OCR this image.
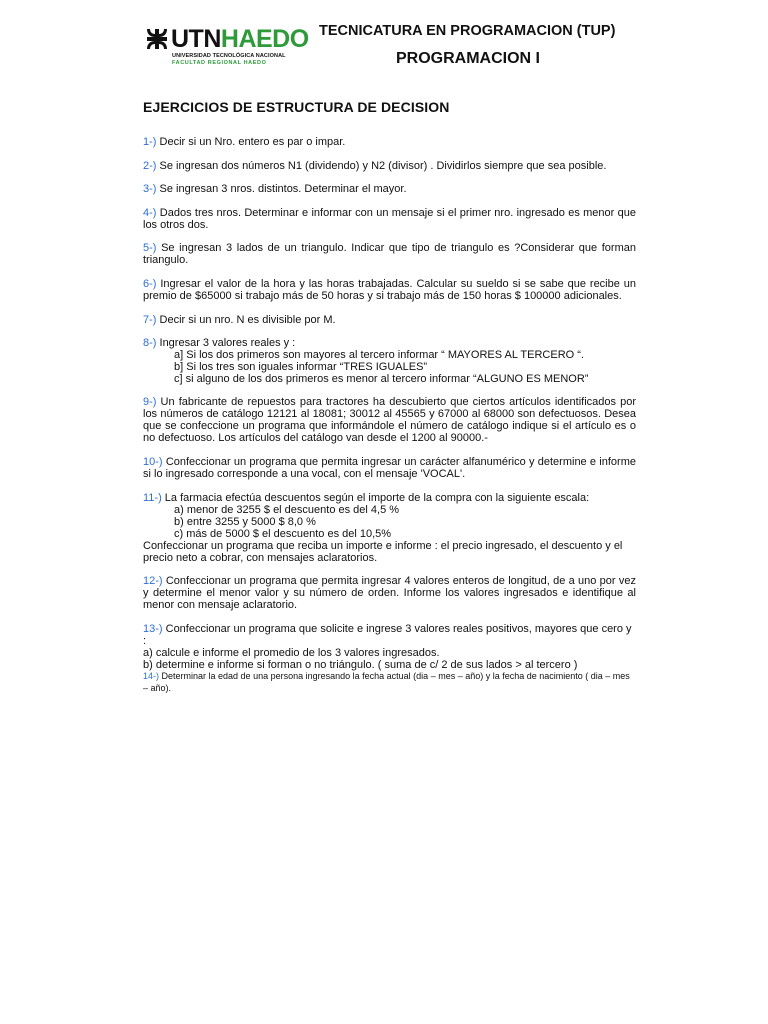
UTN HAEDO
UNIVERSIDAD TECNOLÓGICA NACIONAL
FACULTAD REGIONAL HAEDO
TECNICATURA EN PROGRAMACION (TUP)
PROGRAMACION I
EJERCICIOS DE ESTRUCTURA DE DECISION
1-) Decir si un Nro. entero es par o impar.
2-) Se ingresan dos números N1 (dividendo) y N2 (divisor) . Dividirlos siempre que sea posible.
3-) Se ingresan 3 nros. distintos. Determinar el mayor.
4-) Dados tres nros. Determinar e informar con un mensaje si el primer nro. ingresado es menor que los otros dos.
5-) Se ingresan 3 lados de un triangulo. Indicar que tipo de triangulo es ?Considerar que forman triangulo.
6-) Ingresar el valor de la hora y las horas trabajadas. Calcular su sueldo si se sabe que recibe un premio de $65000 si trabajo más de 50 horas y si trabajo más de 150 horas $ 100000 adicionales.
7-) Decir si un nro. N es divisible por M.

8-) Ingresar 3 valores reales y :

a] Si los dos primeros son mayores al tercero informar “ MAYORES AL TERCERO “.

b] Si los tres son iguales informar “TRES IGUALES”

c] si alguno de los dos primeros es menor al tercero informar “ALGUNO ES MENOR”

9-) Un fabricante de repuestos para tractores ha descubierto que ciertos artículos identificados por los números de catálogo 12121 al 18081; 30012 al 45565 y 67000 al 68000 son defectuosos. Desea que se confeccione un programa que informándole el número de catálogo indique si el artículo es o no defectuoso. Los artículos del catálogo van desde el 1200 al 90000.-
10-) Confeccionar un programa que permita ingresar un carácter alfanumérico y determine e informe si lo ingresado corresponde a una vocal, con el mensaje 'VOCAL'.

11-) La farmacia efectúa descuentos según el importe de la compra con la siguiente escala:

a) menor de 3255 $ el descuento es del 4,5 %

b) entre 3255 y 5000 $ 8,0 %

c) más de 5000 $ el descuento es del 10,5%

Confeccionar un programa que reciba un importe e informe : el precio ingresado, el descuento y el precio neto a cobrar, con mensajes aclaratorios.

12-) Confeccionar un programa que permita ingresar 4 valores enteros de longitud, de a uno por vez y determine el menor valor y su número de orden. Informe los valores ingresados e identifique al menor con mensaje aclaratorio.

13-) Confeccionar un programa que solicite e ingrese 3 valores reales positivos, mayores que cero y :

a) calcule e informe el promedio de los 3 valores ingresados.

b) determine e informe si forman o no triángulo. ( suma de c/ 2 de sus lados > al tercero )

14-) Determinar la edad de una persona ingresando la fecha actual (dia – mes – año) y la fecha de nacimiento ( dia – mes – año).
